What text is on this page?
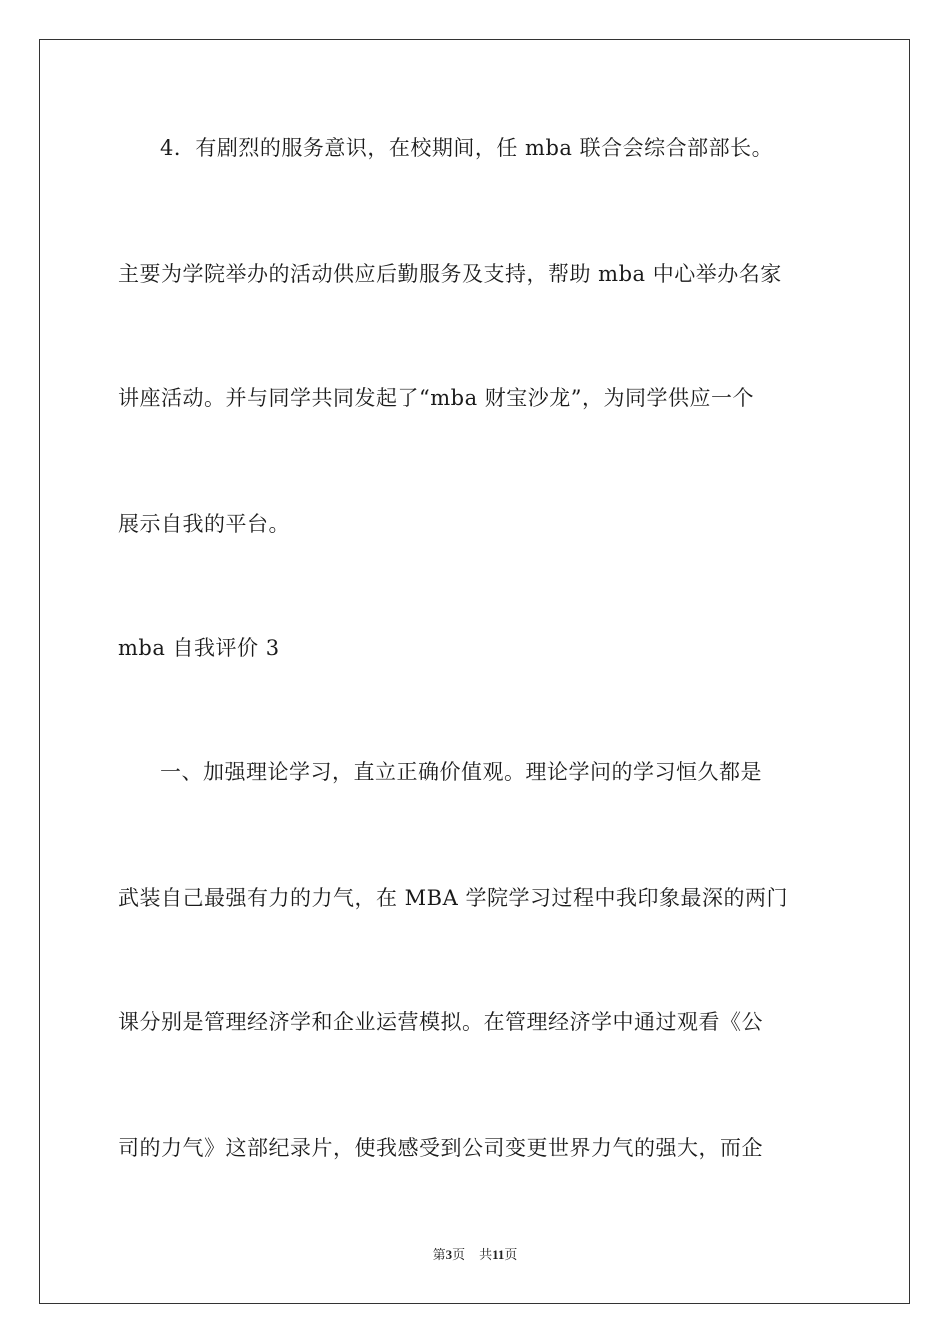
4．有剧烈的服务意识，在校期间，任 mba 联合会综合部部长。
主要为学院举办的活动供应后勤服务及支持，帮助 mba 中心举办名家
讲座活动。并与同学共同发起了“mba 财宝沙龙”，为同学供应一个
展示自我的平台。
mba 自我评价 3
一、加强理论学习，直立正确价值观。理论学问的学习恒久都是
武装自己最强有力的力气，在 MBA 学院学习过程中我印象最深的两门
课分别是管理经济学和企业运营模拟。在管理经济学中通过观看《公
司的力气》这部纪录片，使我感受到公司变更世界力气的强大，而企
第3页 共11页
